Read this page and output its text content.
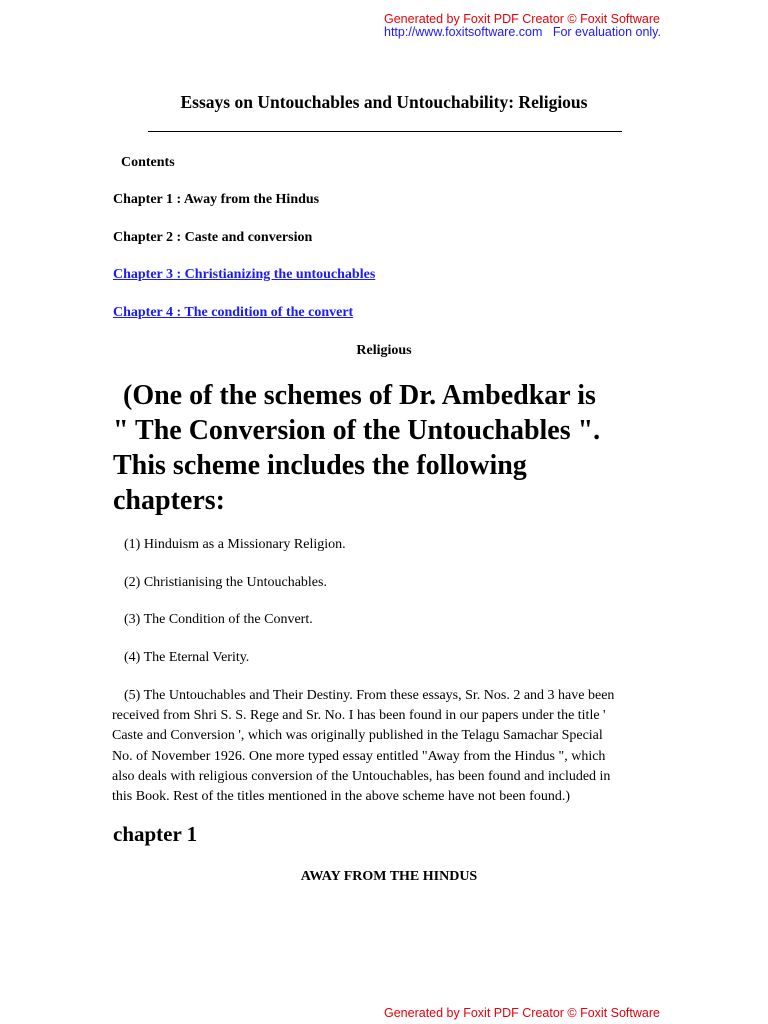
Generated by Foxit PDF Creator © Foxit Software
http://www.foxitsoftware.com For evaluation only.
Essays on Untouchables and Untouchability: Religious
Contents
Chapter 1 : Away from the Hindus
Chapter 2 : Caste and conversion
Chapter 3 : Christianizing the untouchables
Chapter 4 : The condition of the convert
Religious
(One of the schemes of Dr. Ambedkar is
" The Conversion of the Untouchables ".
This scheme includes the following
chapters:
(1) Hinduism as a Missionary Religion.
(2) Christianising the Untouchables.
(3) The Condition of the Convert.
(4) The Eternal Verity.
(5) The Untouchables and Their Destiny. From these essays, Sr. Nos. 2 and 3 have been
received from Shri S. S. Rege and Sr. No. I has been found in our papers under the title '
Caste and Conversion ', which was originally published in the Telagu Samachar Special
No. of November 1926. One more typed essay entitled "Away from the Hindus ", which
also deals with religious conversion of the Untouchables, has been found and included in
this Book. Rest of the titles mentioned in the above scheme have not been found.)
chapter 1
AWAY FROM THE HINDUS
Generated by Foxit PDF Creator © Foxit Software
